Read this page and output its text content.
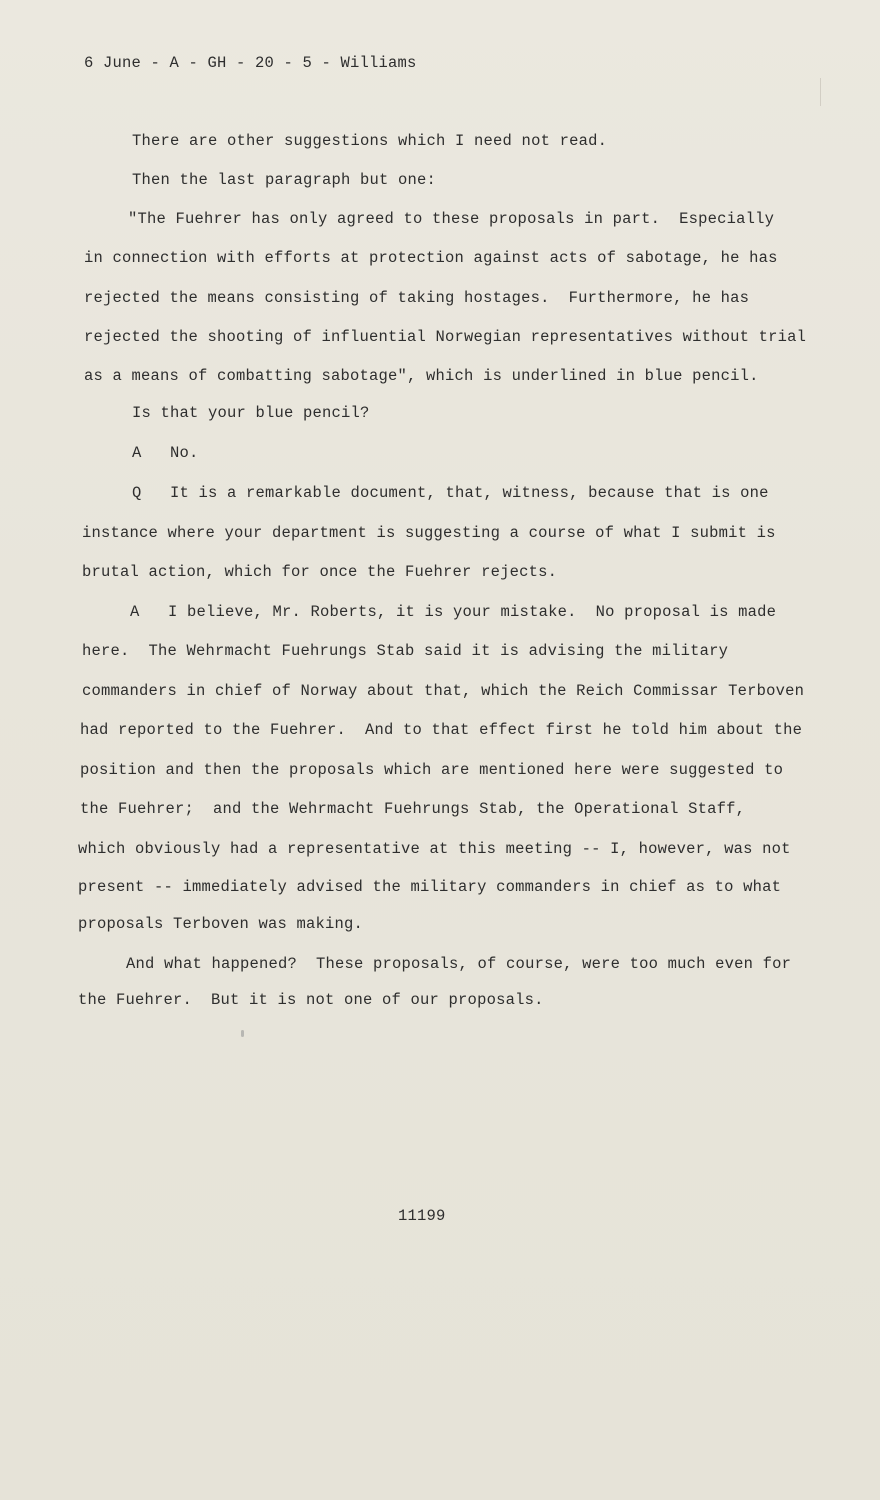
6 June - A - GH - 20 - 5 - Williams

There are other suggestions which I need not read.

Then the last paragraph but one:

"The Fuehrer has only agreed to these proposals in part.  Especially

in connection with efforts at protection against acts of sabotage, he has

rejected the means consisting of taking hostages.  Furthermore, he has

rejected the shooting of influential Norwegian representatives without trial

as a means of combatting sabotage", which is underlined in blue pencil.

Is that your blue pencil?

A   No.

Q   It is a remarkable document, that, witness, because that is one

instance where your department is suggesting a course of what I submit is

brutal action, which for once the Fuehrer rejects.

A   I believe, Mr. Roberts, it is your mistake.  No proposal is made

here.  The Wehrmacht Fuehrungs Stab said it is advising the military

commanders in chief of Norway about that, which the Reich Commissar Terboven

had reported to the Fuehrer.  And to that effect first he told him about the

position and then the proposals which are mentioned here were suggested to

the Fuehrer;  and the Wehrmacht Fuehrungs Stab, the Operational Staff,

which obviously had a representative at this meeting -- I, however, was not

present -- immediately advised the military commanders in chief as to what

proposals Terboven was making.

And what happened?  These proposals, of course, were too much even for

the Fuehrer.  But it is not one of our proposals.

11199
